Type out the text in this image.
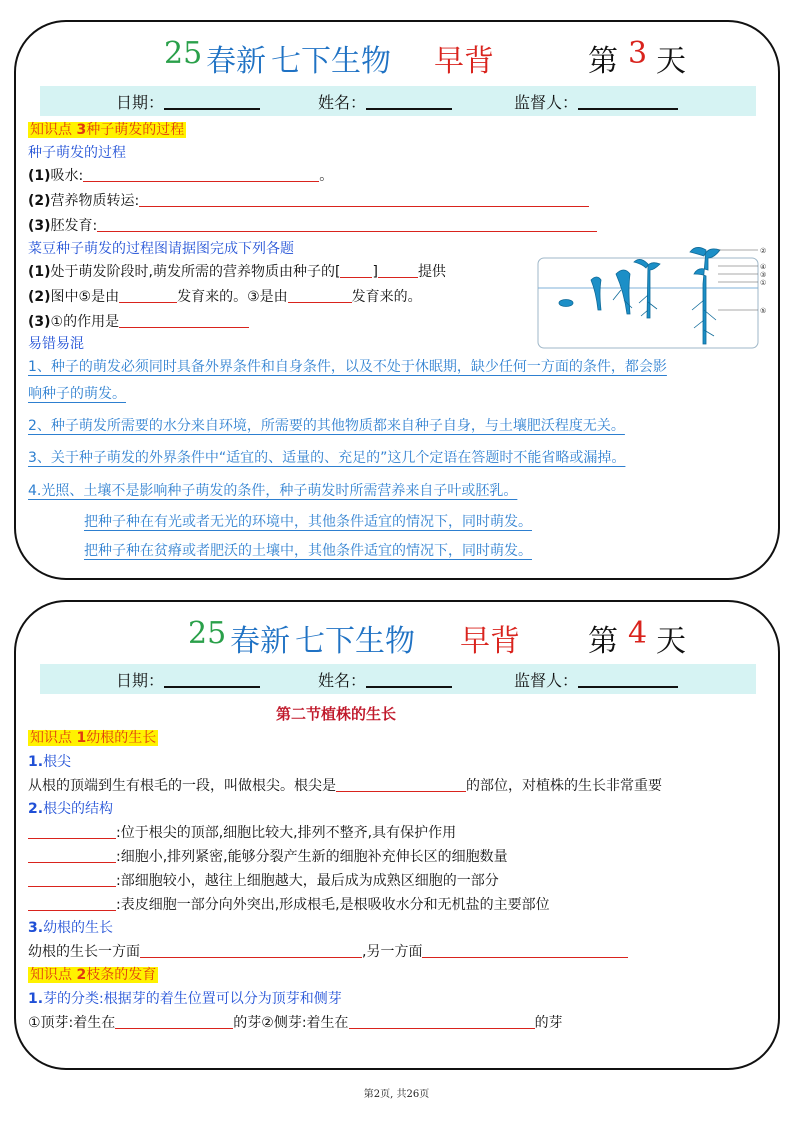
25 春新 七下生物 早背	第 3 天
日期：	姓名：	监督人：
知识点 3种子萌发的过程
种子萌发的过程
(1)吸水:	。
(2)营养物质转运:
(3)胚发育:
菜豆种子萌发的过程图请据图完成下列各题
(1)处于萌发阶段时,萌发所需的营养物质由种子的[ ]	提供
(2)图中⑤是由	发育来的。③是由	发育来的。
(3)①的作用是
②
④
③
①
⑤
易错易混
1、种子的萌发必须同时具备外界条件和自身条件，以及不处于休眠期，缺少任何一方面的条件，都会影
响种子的萌发。
2、种子萌发所需要的水分来自环境，所需要的其他物质都来自种子自身，与土壤肥沃程度无关。
3、关于种子萌发的外界条件中“适宜的、适量的、充足的”这几个定语在答题时不能省略或漏掉。
4.光照、土壤不是影响种子萌发的条件，种子萌发时所需营养来自子叶或胚乳。
把种子种在有光或者无光的环境中，其他条件适宜的情况下，同时萌发。
把种子种在贫瘠或者肥沃的土壤中，其他条件适宜的情况下，同时萌发。
25 春新 七下生物 早背 第 4 天
日期：	姓名：	监督人：
第二节植株的生长
知识点 1幼根的生长
1.根尖
从根的顶端到生有根毛的一段，叫做根尖。根尖是	的部位，对植株的生长非常重要
2.根尖的结构
:位于根尖的顶部,细胞比较大,排列不整齐,具有保护作用
:细胞小,排列紧密,能够分裂产生新的细胞补充伸长区的细胞数量
:部细胞较小，越往上细胞越大，最后成为成熟区细胞的一部分
:表皮细胞一部分向外突出,形成根毛,是根吸收水分和无机盐的主要部位
3.幼根的生长
幼根的生长一方面	,另一方面
知识点 2枝条的发育
1.芽的分类:根据芽的着生位置可以分为顶芽和侧芽
①顶芽:着生在	的芽②侧芽:着生在	的芽
第2页, 共26页
